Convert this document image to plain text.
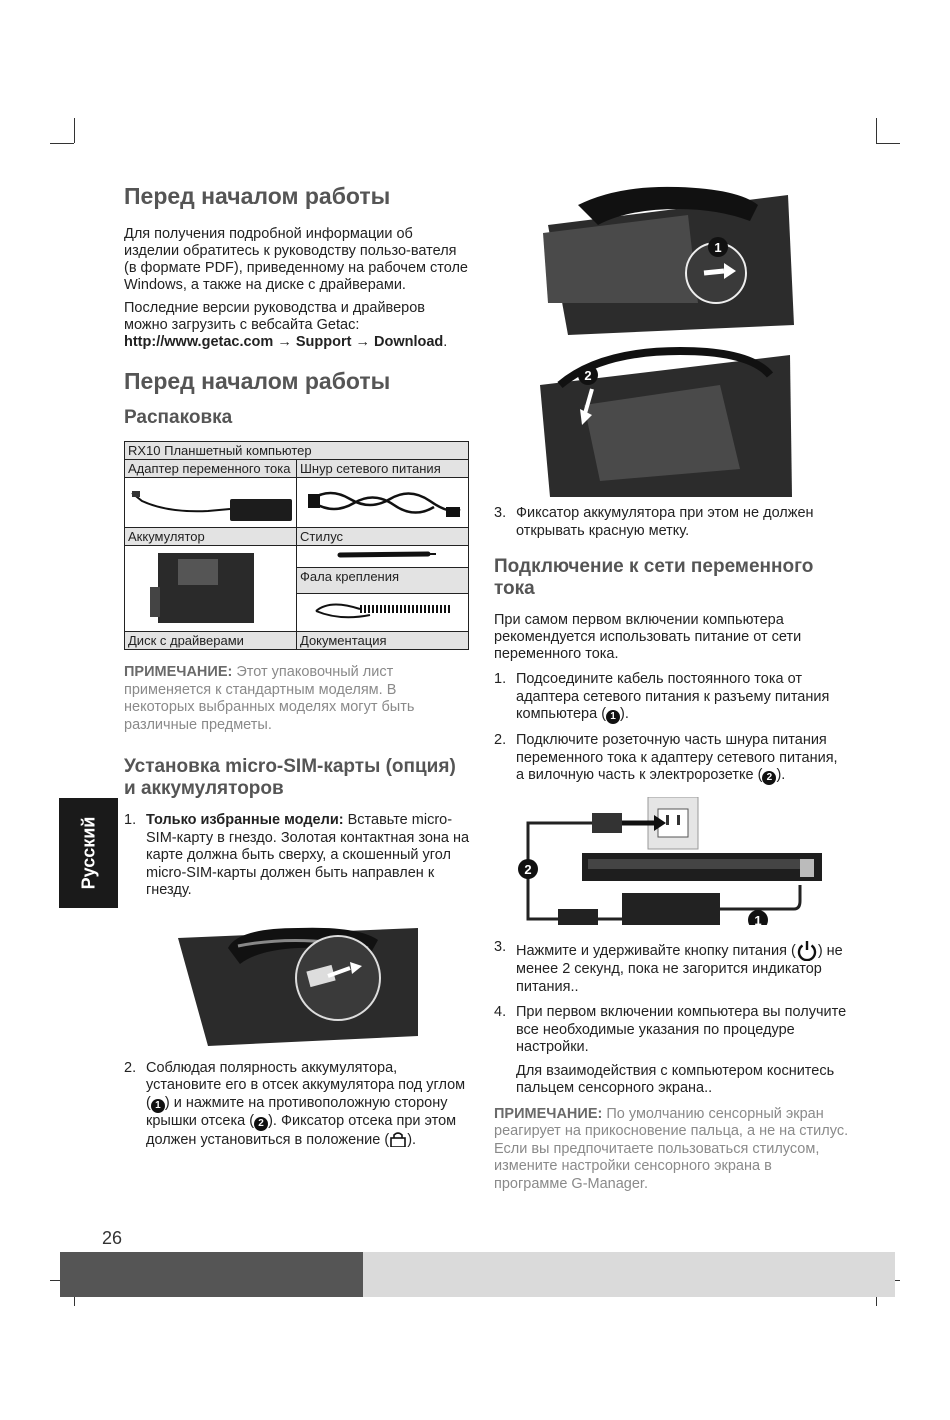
Русский
Перед началом работы

Для получения подробной информации об изделии обратитесь к руководству пользо-вателя (в формате PDF), приведенному на рабочем столе Windows, а также на диске с драйверами.

Последние версии руководства и драйверов можно загрузить с вебсайта Getac:
http://www.getac.com → Support → Download.

Перед началом работы
Распаковка
RX10 Планшетный компьютер	
Адаптер переменного тока	Шнур сетевого питания

Аккумулятор	Стилус

	Фала крепления

Диск с драйверами	Документация

ПРИМЕЧАНИЕ: Этот упаковочный лист применяется к стандартным моделям. В некоторых выбранных моделях могут быть различные предметы.

Установка micro-SIM-карты (опция) и аккумуляторов
1. Только избранные модели: Вставьте micro-SIM-карту в гнездо. Золотая контактная зона на карте должна быть сверху, а скошенный угол micro-SIM-карты должен быть направлен к гнезду.
2. Соблюдая полярность аккумулятора, установите его в отсек аккумулятора под углом ( 1 ) и нажмите на противоположную сторону крышки отсека ( 2 ). Фиксатор отсека при этом должен установиться в положение ( ).
1
2
3. Фиксатор аккумулятора при этом не должен открывать красную метку.
Подключение к сети переменного тока

При самом первом включении компьютера рекомендуется использовать питание от сети переменного тока.

1. Подсоедините кабель постоянного тока от адаптера сетевого питания к разъему питания компьютера ( 1 ).
2. Подключите розеточную часть шнура питания переменного тока к адаптеру сетевого питания, а вилочную часть к электророзетке ( 2 ).
2
1
3. Нажмите и удерживайте кнопку питания ( ) не менее 2 секунд, пока не загорится индикатор питания..
4. При первом включении компьютера вы получите все необходимые указания по процедуре настройки.
Для взаимодействия с компьютером коснитесь пальцем сенсорного экрана..

ПРИМЕЧАНИЕ: По умолчанию сенсорный экран реагирует на прикосновение пальца, а не на стилус. Если вы предпочитаете пользоваться стилусом, измените настройки сенсорного экрана в программе G-Manager.

26
